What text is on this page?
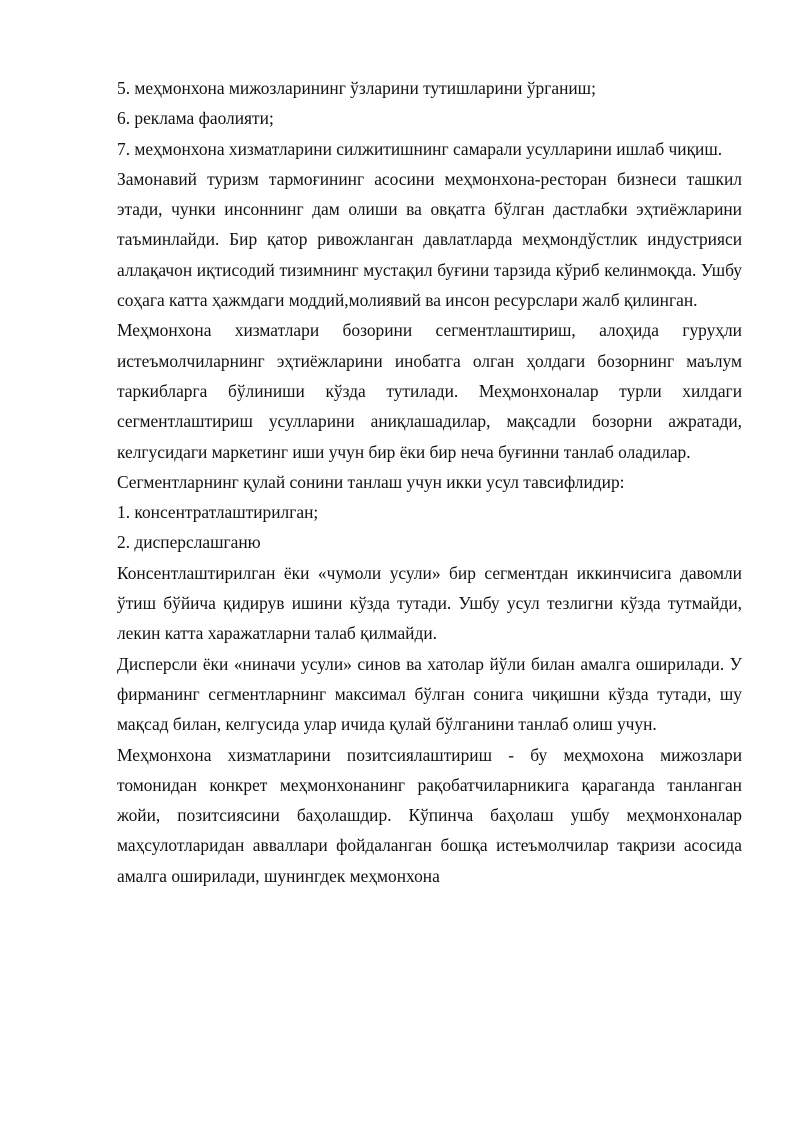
5. меҳмонхона мижозларининг ўзларини тутишларини ўрганиш;

6. реклама фаолияти;

7. меҳмонхона хизматларини силжитишнинг самарали усулларини ишлаб чиқиш.

Замонавий туризм тармоғининг асосини меҳмонхона-ресторан бизнеси ташкил этади, чунки инсоннинг дам олиши ва овқатга бўлган дастлабки эҳтиёжларини таъминлайди. Бир қатор ривожланган давлатларда меҳмондўстлик индустрияси аллақачон иқтисодий тизимнинг мустақил буғини тарзида кўриб келинмоқда. Ушбу соҳага катта ҳажмдаги моддий,молиявий ва инсон ресурслари жалб қилинган.

Меҳмонхона хизматлари бозорини сегментлаштириш, алоҳида гуруҳли истеъмолчиларнинг эҳтиёжларини инобатга олган ҳолдаги бозорнинг маълум таркибларга бўлиниши кўзда тутилади. Меҳмонхоналар турли хилдаги сегментлаштириш усулларини аниқлашадилар, мақсадли бозорни ажратади, келгусидаги маркетинг иши учун бир ёки бир неча буғинни танлаб оладилар.

Сегментларнинг қулай сонини танлаш учун икки усул тавсифлидир:

1. консентратлаштирилган;

2. дисперслашганю

Консентлаштирилган ёки «чумоли усули» бир сегментдан иккинчисига давомли ўтиш бўйича қидирув ишини кўзда тутади. Ушбу усул тезлигни кўзда тутмайди, лекин катта харажатларни талаб қилмайди.

Дисперсли ёки «ниначи усули» синов ва хатолар йўли билан амалга оширилади. У фирманинг сегментларнинг максимал бўлган сонига чиқишни кўзда тутади, шу мақсад билан, келгусида улар ичида қулай бўлганини танлаб олиш учун.

Меҳмонхона хизматларини позитсиялаштириш - бу меҳмохона мижозлари томонидан конкрет меҳмонхонанинг рақобатчиларникига қараганда танланган жойи, позитсиясини баҳолашдир. Кўпинча баҳолаш ушбу меҳмонхоналар маҳсулотларидан авваллари фойдаланган бошқа истеъмолчилар тақризи асосида амалга оширилади, шунингдек меҳмонхона
